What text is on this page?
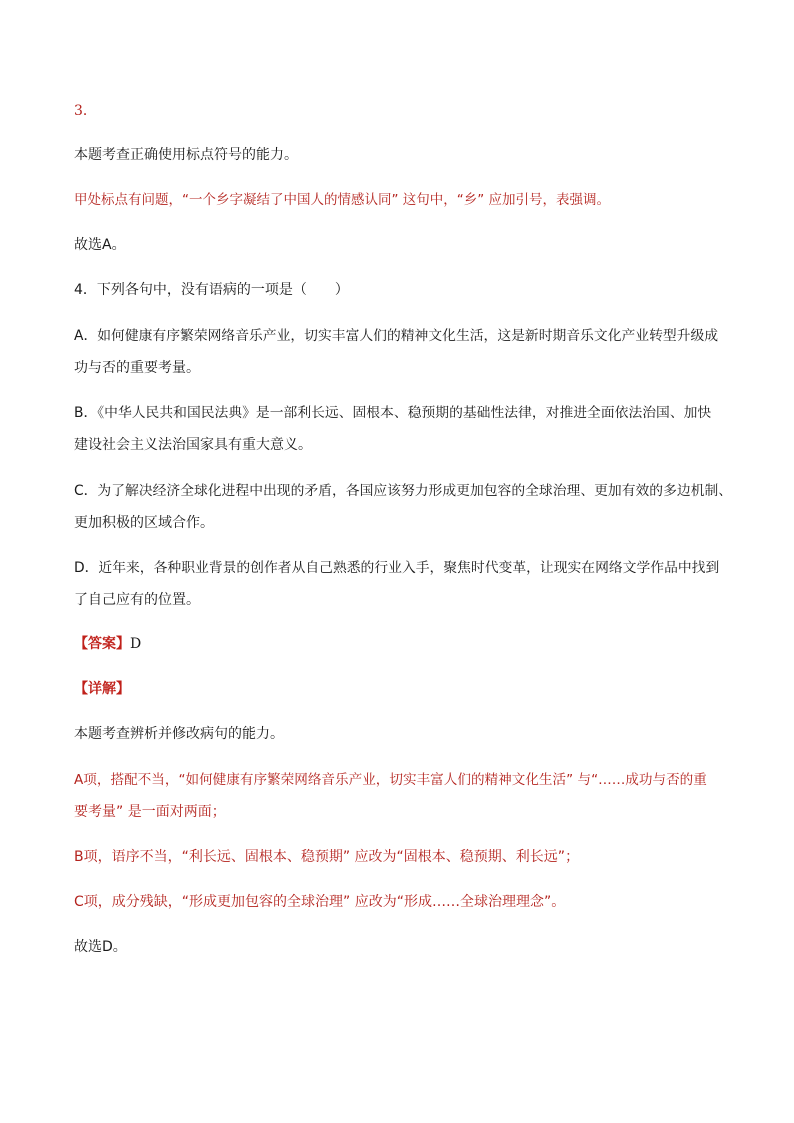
3．
本题考查正确使用标点符号的能力。
甲处标点有问题，“一个乡字凝结了中国人的情感认同” 这句中，“乡” 应加引号，表强调。
故选A。
4．下列各句中，没有语病的一项是（　　）
A．如何健康有序繁荣网络音乐产业，切实丰富人们的精神文化生活，这是新时期音乐文化产业转型升级成
功与否的重要考量。
B．《中华人民共和国民法典》是一部利长远、固根本、稳预期的基础性法律，对推进全面依法治国、加快
建设社会主义法治国家具有重大意义。
C．为了解决经济全球化进程中出现的矛盾，各国应该努力形成更加包容的全球治理、更加有效的多边机制、
更加积极的区域合作。
D．近年来，各种职业背景的创作者从自己熟悉的行业入手，聚焦时代变革，让现实在网络文学作品中找到
了自己应有的位置。
【答案】D
【详解】
本题考查辨析并修改病句的能力。
A项，搭配不当，“如何健康有序繁荣网络音乐产业，切实丰富人们的精神文化生活” 与“……成功与否的重
要考量” 是一面对两面；
B项，语序不当，“利长远、固根本、稳预期” 应改为“固根本、稳预期、利长远”；
C项，成分残缺，“形成更加包容的全球治理” 应改为“形成……全球治理理念”。
故选D。
